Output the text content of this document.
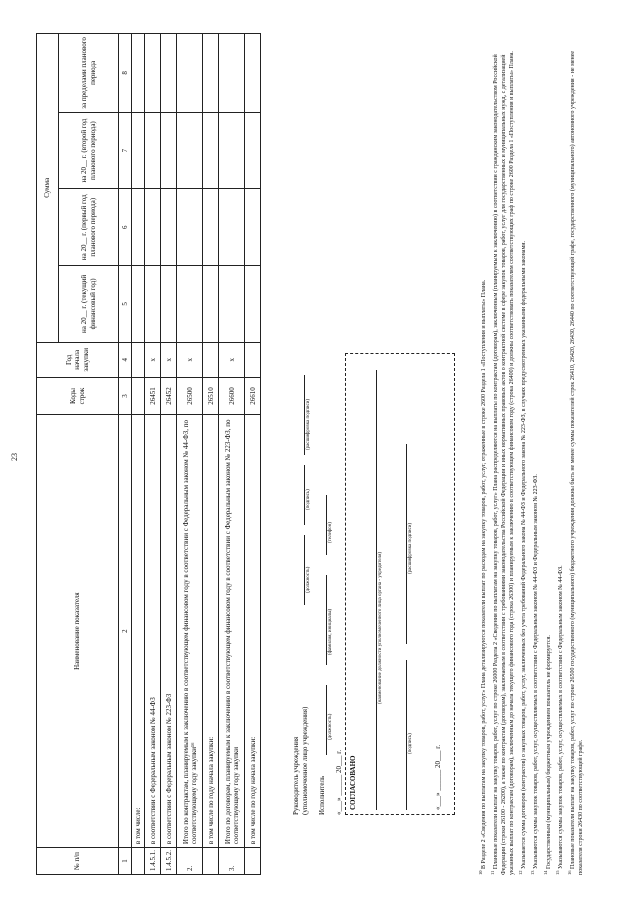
23
№ п/п	Наименование показателя	Коды строк	Год начала закупки	Сумма			
				на 20__ г. (текущий финансовый год)	на 20__ г. (первый год планового периода)	на 20__ г. (второй год планового периода)	за пределами планового периода
1	2	3	4	5	6	7	8
	в том числе:						
1.4.5.1.	в соответствии с Федеральным законом № 44-ФЗ	26451	x				
1.4.5.2.	в соответствии с Федеральным законом № 223-ФЗ	26452	x				
2.	Итого по контрактам, планируемым к заключению в соответствующем финансовом году в соответствии с Федеральным законом № 44-ФЗ, по соответствующему году закупки¹⁶	26500	x				
	в том числе по году начала закупки:	26510					
3.	Итого по договорам, планируемым к заключению в соответствующем финансовом году в соответствии с Федеральным законом № 223-ФЗ, по соответствующему году закупки	26600	x				
	в том числе по году начала закупки:	26610					
Руководитель учреждения (уполномоченное лицо учреждения)
(должность)
(подпись)
(расшифровка подписи)
Исполнитель
(должность)
(фамилия, инициалы)
(телефон)
«___» ______ 20___ г. СОГЛАСОВАНО
(наименование должности уполномоченного лица органа - учредителя)
(подпись)
(расшифровка подписи)
«___» ______ 20___ г.

$^{10}$ В Разделе 2 «Сведения по выплатам на закупку товаров, работ, услуг» Плана детализируются показатели выплат по расходам на закупку товаров, работ, услуг, отраженные в строке 2600 Раздела 1 «Поступления и выплаты» Плана.

$^{11}$ Плановые показатели выплат на закупку товаров, работ, услуг по строке 26000 Раздела 2 «Сведения по выплатам на закупку товаров, работ, услуг» Плана распределяются на выплаты по контрактам (договорам), заключенным (планируемым к заключению) в соответствии с гражданским законодательством Российской Федерации (строки 26100 - 26200), а также по контрактам (договорам), заключаемым в соответствии с требованиями законодательства Российской Федерации и иных нормативных правовых актов о контрактной системе в сфере закупок товаров, работ, услуг для государственных и муниципальных нужд, с детализацией указанных выплат по контрактам (договорам), заключенным до начала текущего финансового года (строка 26300) и планируемым к заключению в соответствующем финансовом году (строка 26400) и должны соответствовать показателям соответствующих граф по строке 2600 Раздела 1 «Поступления и выплаты» Плана. $^{12}$ Указывается сумма договоров (контрактов) о закупках товаров, работ, услуг, заключенных без учета требований Федерального закона № 44-ФЗ и Федерального закона № 223-ФЗ, в случаях предусмотренных указанными федеральными законами.

$^{13}$ Указываются суммы закупок товаров, работ, услуг, осуществляемых в соответствии с Федеральным законом № 44-ФЗ и Федеральным законом № 223-ФЗ.

$^{14}$ Государственным (муниципальным) бюджетным учреждением показатель не формируется.

$^{15}$ Указываются суммы закупок товаров, работ, услуг, осуществляемых в соответствии с Федеральным законом № 44-ФЗ.

$^{16}$ Плановые показатели выплат на закупку товаров, работ, услуг по строке 26500 государственного (муниципального) бюджетного учреждения должны быть не менее суммы показателей строк 26410, 26420, 26430, 26440 по соответствующей графе, государственного (муниципального) автономного учреждения - не менее показателя строки 26430 по соответствующей графе.
